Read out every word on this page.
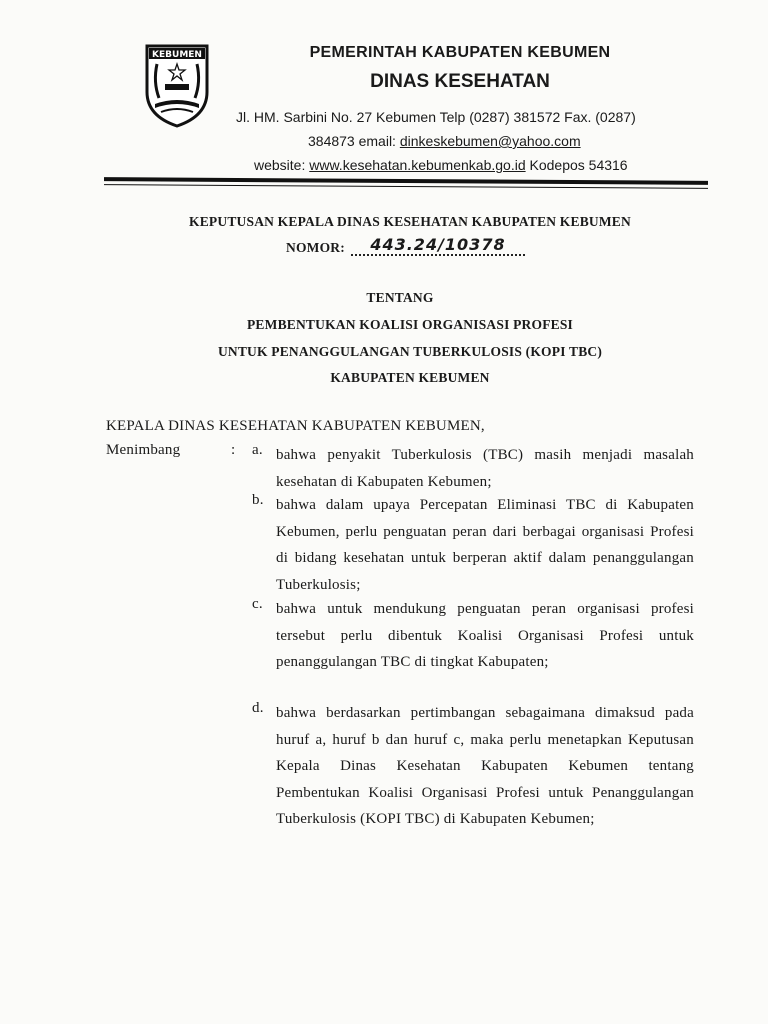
KEBUMEN	PEMERINTAH KABUPATEN KEBUMEN
DINAS KESEHATAN
Jl. HM. Sarbini No. 27 Kebumen Telp (0287) 381572 Fax. (0287)
384873 email: dinkeskebumen@yahoo.com
website: www.kesehatan.kebumenkab.go.id Kodepos 54316
KEPUTUSAN KEPALA DINAS KESEHATAN KABUPATEN KEBUMEN
NOMOR: 443.24/10378
TENTANG
PEMBENTUKAN KOALISI ORGANISASI PROFESI
UNTUK PENANGGULANGAN TUBERKULOSIS (KOPI TBC)
KABUPATEN KEBUMEN
KEPALA DINAS KESEHATAN KABUPATEN KEBUMEN,
Menimbang	: a. bahwa penyakit Tuberkulosis (TBC) masih menjadi masalah kesehatan di Kabupaten Kebumen;
b. bahwa dalam upaya Percepatan Eliminasi TBC di Kabupaten Kebumen, perlu penguatan peran dari berbagai organisasi Profesi di bidang kesehatan untuk berperan aktif dalam penanggulangan Tuberkulosis;
c. bahwa untuk mendukung penguatan peran organisasi profesi tersebut perlu dibentuk Koalisi Organisasi Profesi untuk penanggulangan TBC di tingkat Kabupaten;
d. bahwa berdasarkan pertimbangan sebagaimana dimaksud pada huruf a, huruf b dan huruf c, maka perlu menetapkan Keputusan Kepala Dinas Kesehatan Kabupaten Kebumen tentang Pembentukan Koalisi Organisasi Profesi untuk Penanggulangan Tuberkulosis (KOPI TBC) di Kabupaten Kebumen;
